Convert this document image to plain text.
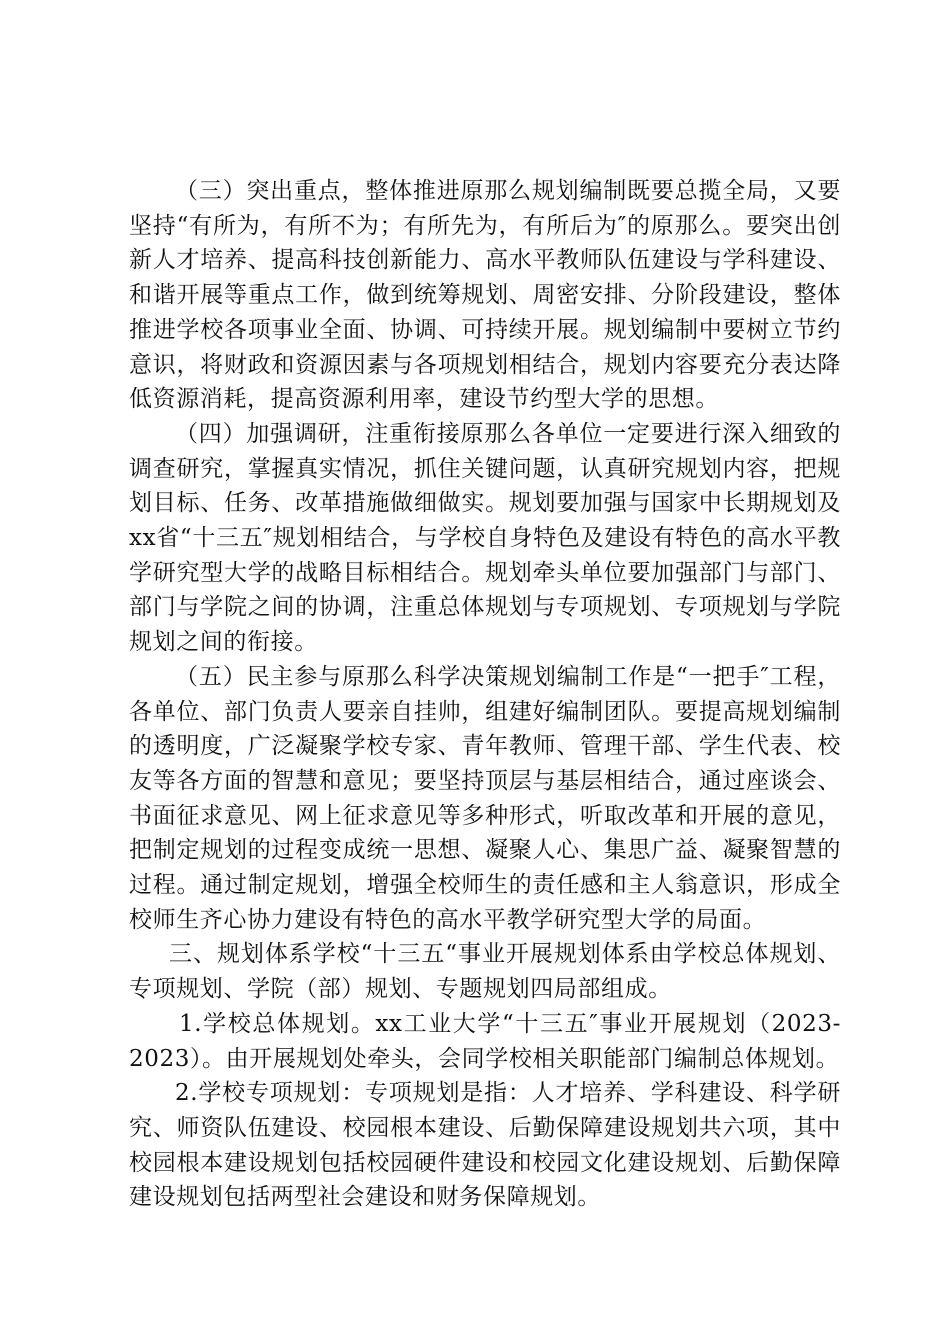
（三）突出重点，整体推进原那么规划编制既要总揽全局，又要坚持“有所为，有所不为；有所先为，有所后为″的原那么。要突出创新人才培养、提高科技创新能力、高水平教师队伍建设与学科建设、和谐开展等重点工作，做到统筹规划、周密安排、分阶段建设，整体推进学校各项事业全面、协调、可持续开展。规划编制中要树立节约意识，将财政和资源因素与各项规划相结合，规划内容要充分表达降低资源消耗，提高资源利用率，建设节约型大学的思想。

（四）加强调研，注重衔接原那么各单位一定要进行深入细致的调查研究，掌握真实情况，抓住关键问题，认真研究规划内容，把规划目标、任务、改革措施做细做实。规划要加强与国家中长期规划及xx省“十三五″规划相结合，与学校自身特色及建设有特色的高水平教学研究型大学的战略目标相结合。规划牵头单位要加强部门与部门、部门与学院之间的协调，注重总体规划与专项规划、专项规划与学院规划之间的衔接。

（五）民主参与原那么科学决策规划编制工作是“一把手″工程，各单位、部门负责人要亲自挂帅，组建好编制团队。要提高规划编制的透明度，广泛凝聚学校专家、青年教师、管理干部、学生代表、校友等各方面的智慧和意见；要坚持顶层与基层相结合，通过座谈会、书面征求意见、网上征求意见等多种形式，听取改革和开展的意见，把制定规划的过程变成统一思想、凝聚人心、集思广益、凝聚智慧的过程。通过制定规划，增强全校师生的责任感和主人翁意识，形成全校师生齐心协力建设有特色的高水平教学研究型大学的局面。

三、规划体系学校“十三五“事业开展规划体系由学校总体规划、专项规划、学院（部）规划、专题规划四局部组成。

1.学校总体规划。xx工业大学“十三五″事业开展规划（2023-2023）。由开展规划处牵头，会同学校相关职能部门编制总体规划。

2.学校专项规划：专项规划是指：人才培养、学科建设、科学研究、师资队伍建设、校园根本建设、后勤保障建设规划共六项，其中校园根本建设规划包括校园硬件建设和校园文化建设规划、后勤保障建设规划包括两型社会建设和财务保障规划。
